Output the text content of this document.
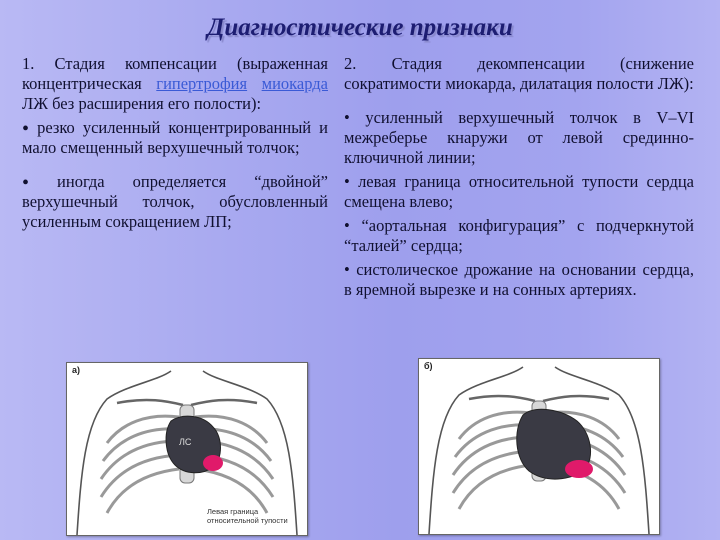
Диагностические признаки

1. Стадия компенсации (выраженная концентрическая гипертрофия миокарда ЛЖ без расширения его полости):

• резко усиленный концентрированный и мало смещенный верхушечный толчок;

• иногда определяется “двойной” верхушечный толчок, обусловленный усиленным сокращением ЛП;

2. Стадия декомпенсации (снижение сократимости миокарда, дилатация полости ЛЖ):

• усиленный верхушечный толчок в V–VI межреберье кнаружи от левой срединно-ключичной линии;

• левая граница относительной тупости сердца смещена влево;

• “аортальная конфигурация” с подчеркнутой “талией” сердца;

• систолическое дрожание на основании сердца, в яремной вырезке и на сонных артериях.

а)
ЛС
Левая граница относительной тупости
б)
